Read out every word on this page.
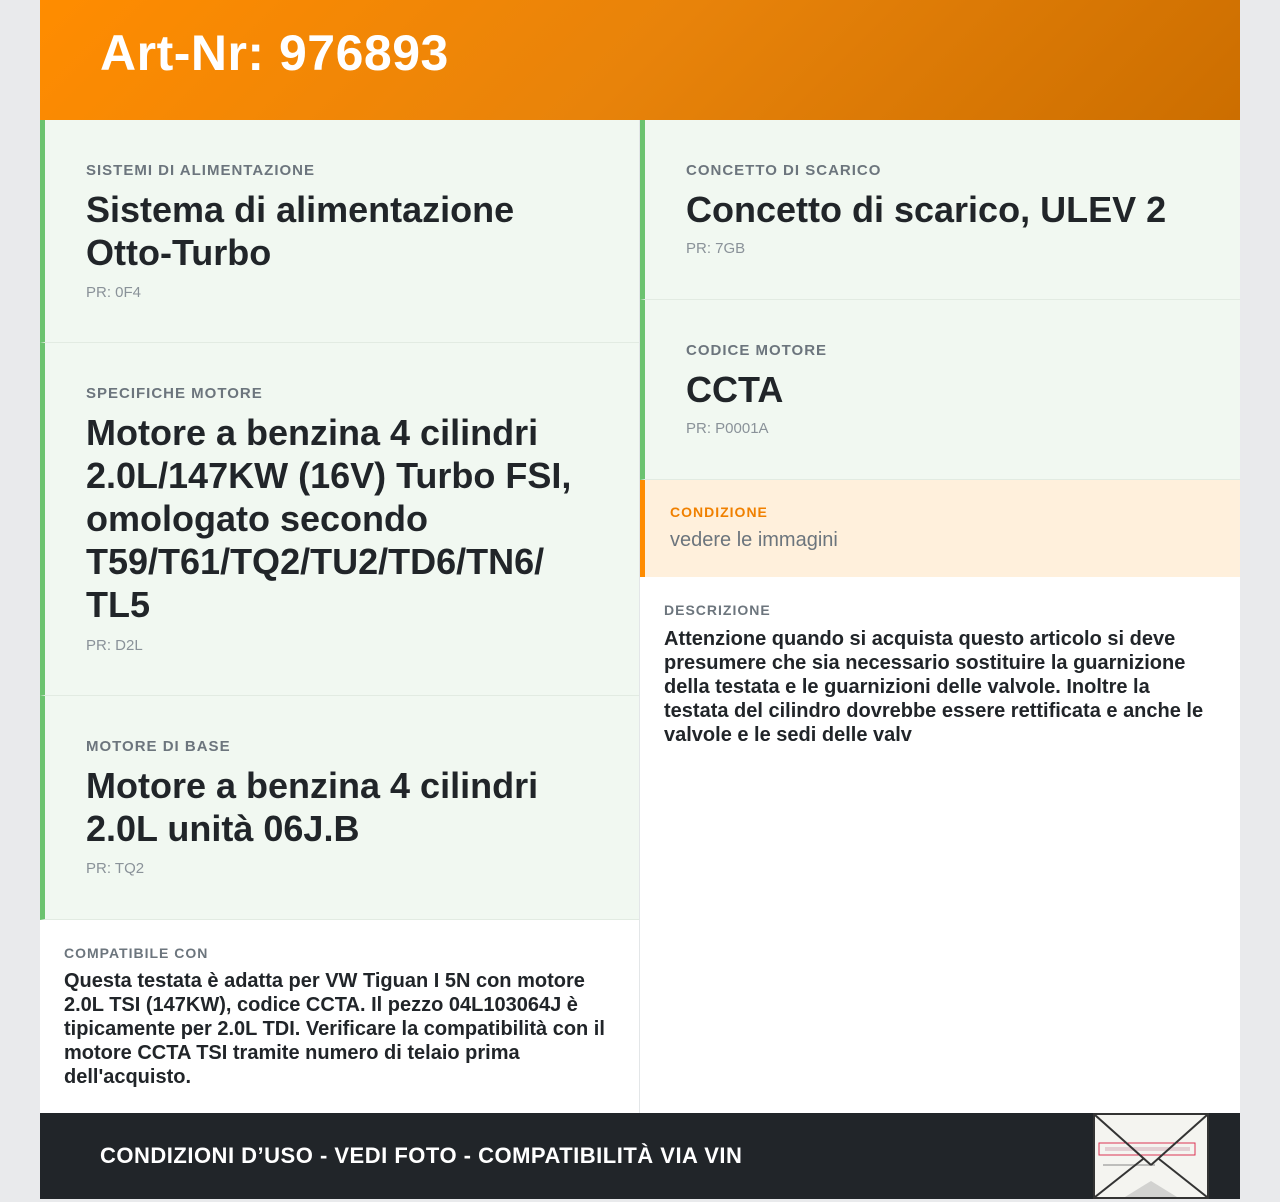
Art-Nr: 976893
SISTEMI DI ALIMENTAZIONE
Sistema di alimentazione Otto-Turbo
PR: 0F4
SPECIFICHE MOTORE
Motore a benzina 4 cilindri 2.0L/147KW (16V) Turbo FSI, omologato secondo T59/T61/TQ2/TU2/TD6/TN6/ TL5
PR: D2L
MOTORE DI BASE
Motore a benzina 4 cilindri 2.0L unità 06J.B
PR: TQ2
COMPATIBILE CON
Questa testata è adatta per VW Tiguan I 5N con motore 2.0L TSI (147KW), codice CCTA. Il pezzo 04L103064J è tipicamente per 2.0L TDI. Verificare la compatibilità con il motore CCTA TSI tramite numero di telaio prima dell'acquisto.
CONCETTO DI SCARICO
Concetto di scarico, ULEV 2
PR: 7GB
CODICE MOTORE
CCTA
PR: P0001A
CONDIZIONE
vedere le immagini
DESCRIZIONE
Attenzione quando si acquista questo articolo si deve presumere che sia necessario sostituire la guarnizione della testata e le guarnizioni delle valvole. Inoltre la testata del cilindro dovrebbe essere rettificata e anche le valvole e le sedi delle valv
CONDIZIONI D’USO - VEDI FOTO - COMPATIBILITÀ VIA VIN
